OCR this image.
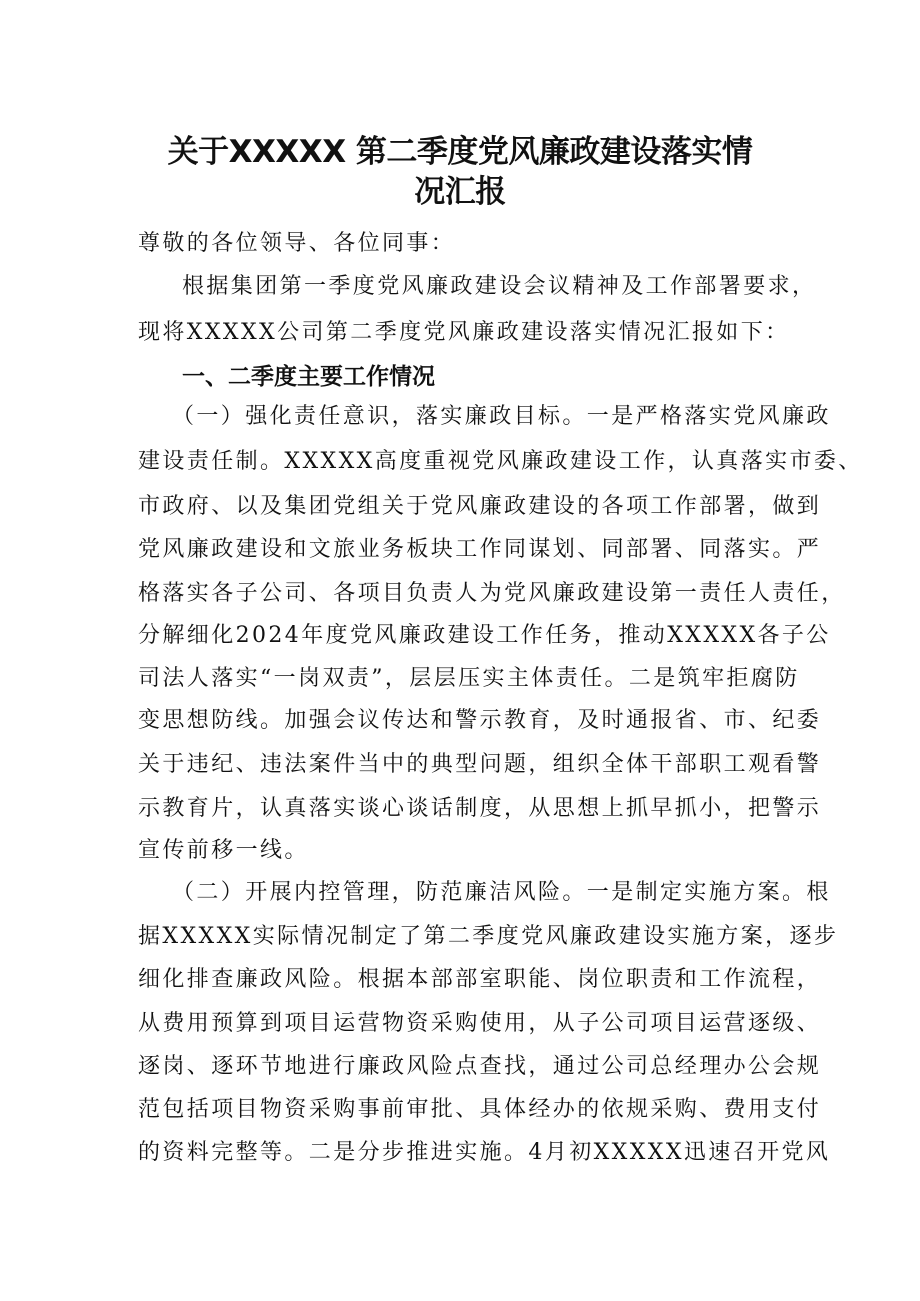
关于XXXXX 第二季度党风廉政建设落实情
况汇报
尊敬的各位领导、各位同事：
根据集团第一季度党风廉政建设会议精神及工作部署要求，
现将XXXXX公司第二季度党风廉政建设落实情况汇报如下：
一、二季度主要工作情况
（一）强化责任意识，落实廉政目标。一是严格落实党风廉政
建设责任制。XXXXX高度重视党风廉政建设工作，认真落实市委、
市政府、以及集团党组关于党风廉政建设的各项工作部署，做到
党风廉政建设和文旅业务板块工作同谋划、同部署、同落实。严
格落实各子公司、各项目负责人为党风廉政建设第一责任人责任，
分解细化2024年度党风廉政建设工作任务，推动XXXXX各子公
司法人落实“一岗双责”，层层压实主体责任。二是筑牢拒腐防
变思想防线。加强会议传达和警示教育，及时通报省、市、纪委
关于违纪、违法案件当中的典型问题，组织全体干部职工观看警
示教育片，认真落实谈心谈话制度，从思想上抓早抓小，把警示
宣传前移一线。
（二）开展内控管理，防范廉洁风险。一是制定实施方案。根
据XXXXX实际情况制定了第二季度党风廉政建设实施方案，逐步
细化排查廉政风险。根据本部部室职能、岗位职责和工作流程，
从费用预算到项目运营物资采购使用，从子公司项目运营逐级、
逐岗、逐环节地进行廉政风险点查找，通过公司总经理办公会规
范包括项目物资采购事前审批、具体经办的依规采购、费用支付
的资料完整等。二是分步推进实施。4月初XXXXX迅速召开党风
